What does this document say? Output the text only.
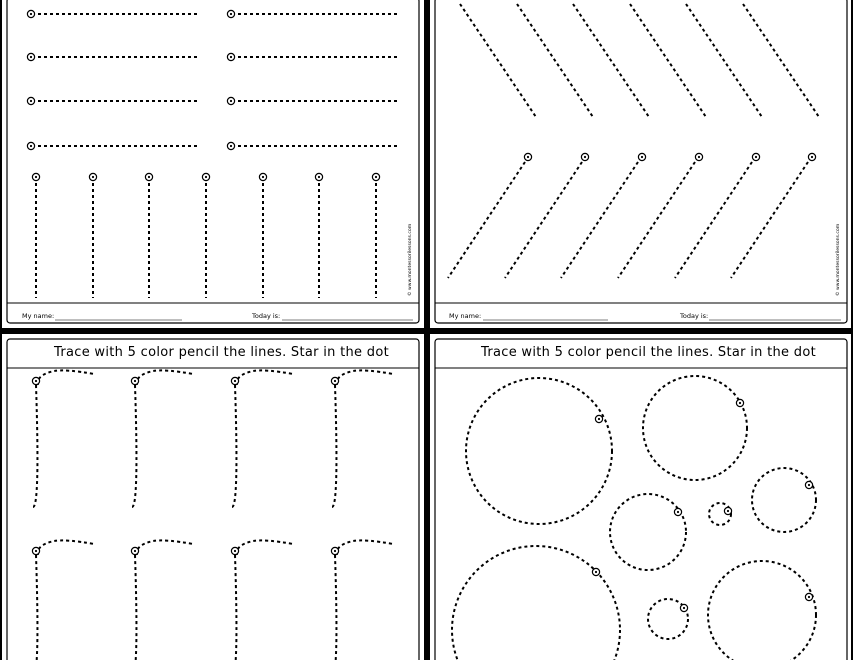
My name:	Today is:
© www.montessorilessons.com
My name:	Today is:
© www.montessorilessons.com
Trace with 5 color pencil the lines. Star in the dot	Trace with 5 color pencil the lines. Star in the dot
